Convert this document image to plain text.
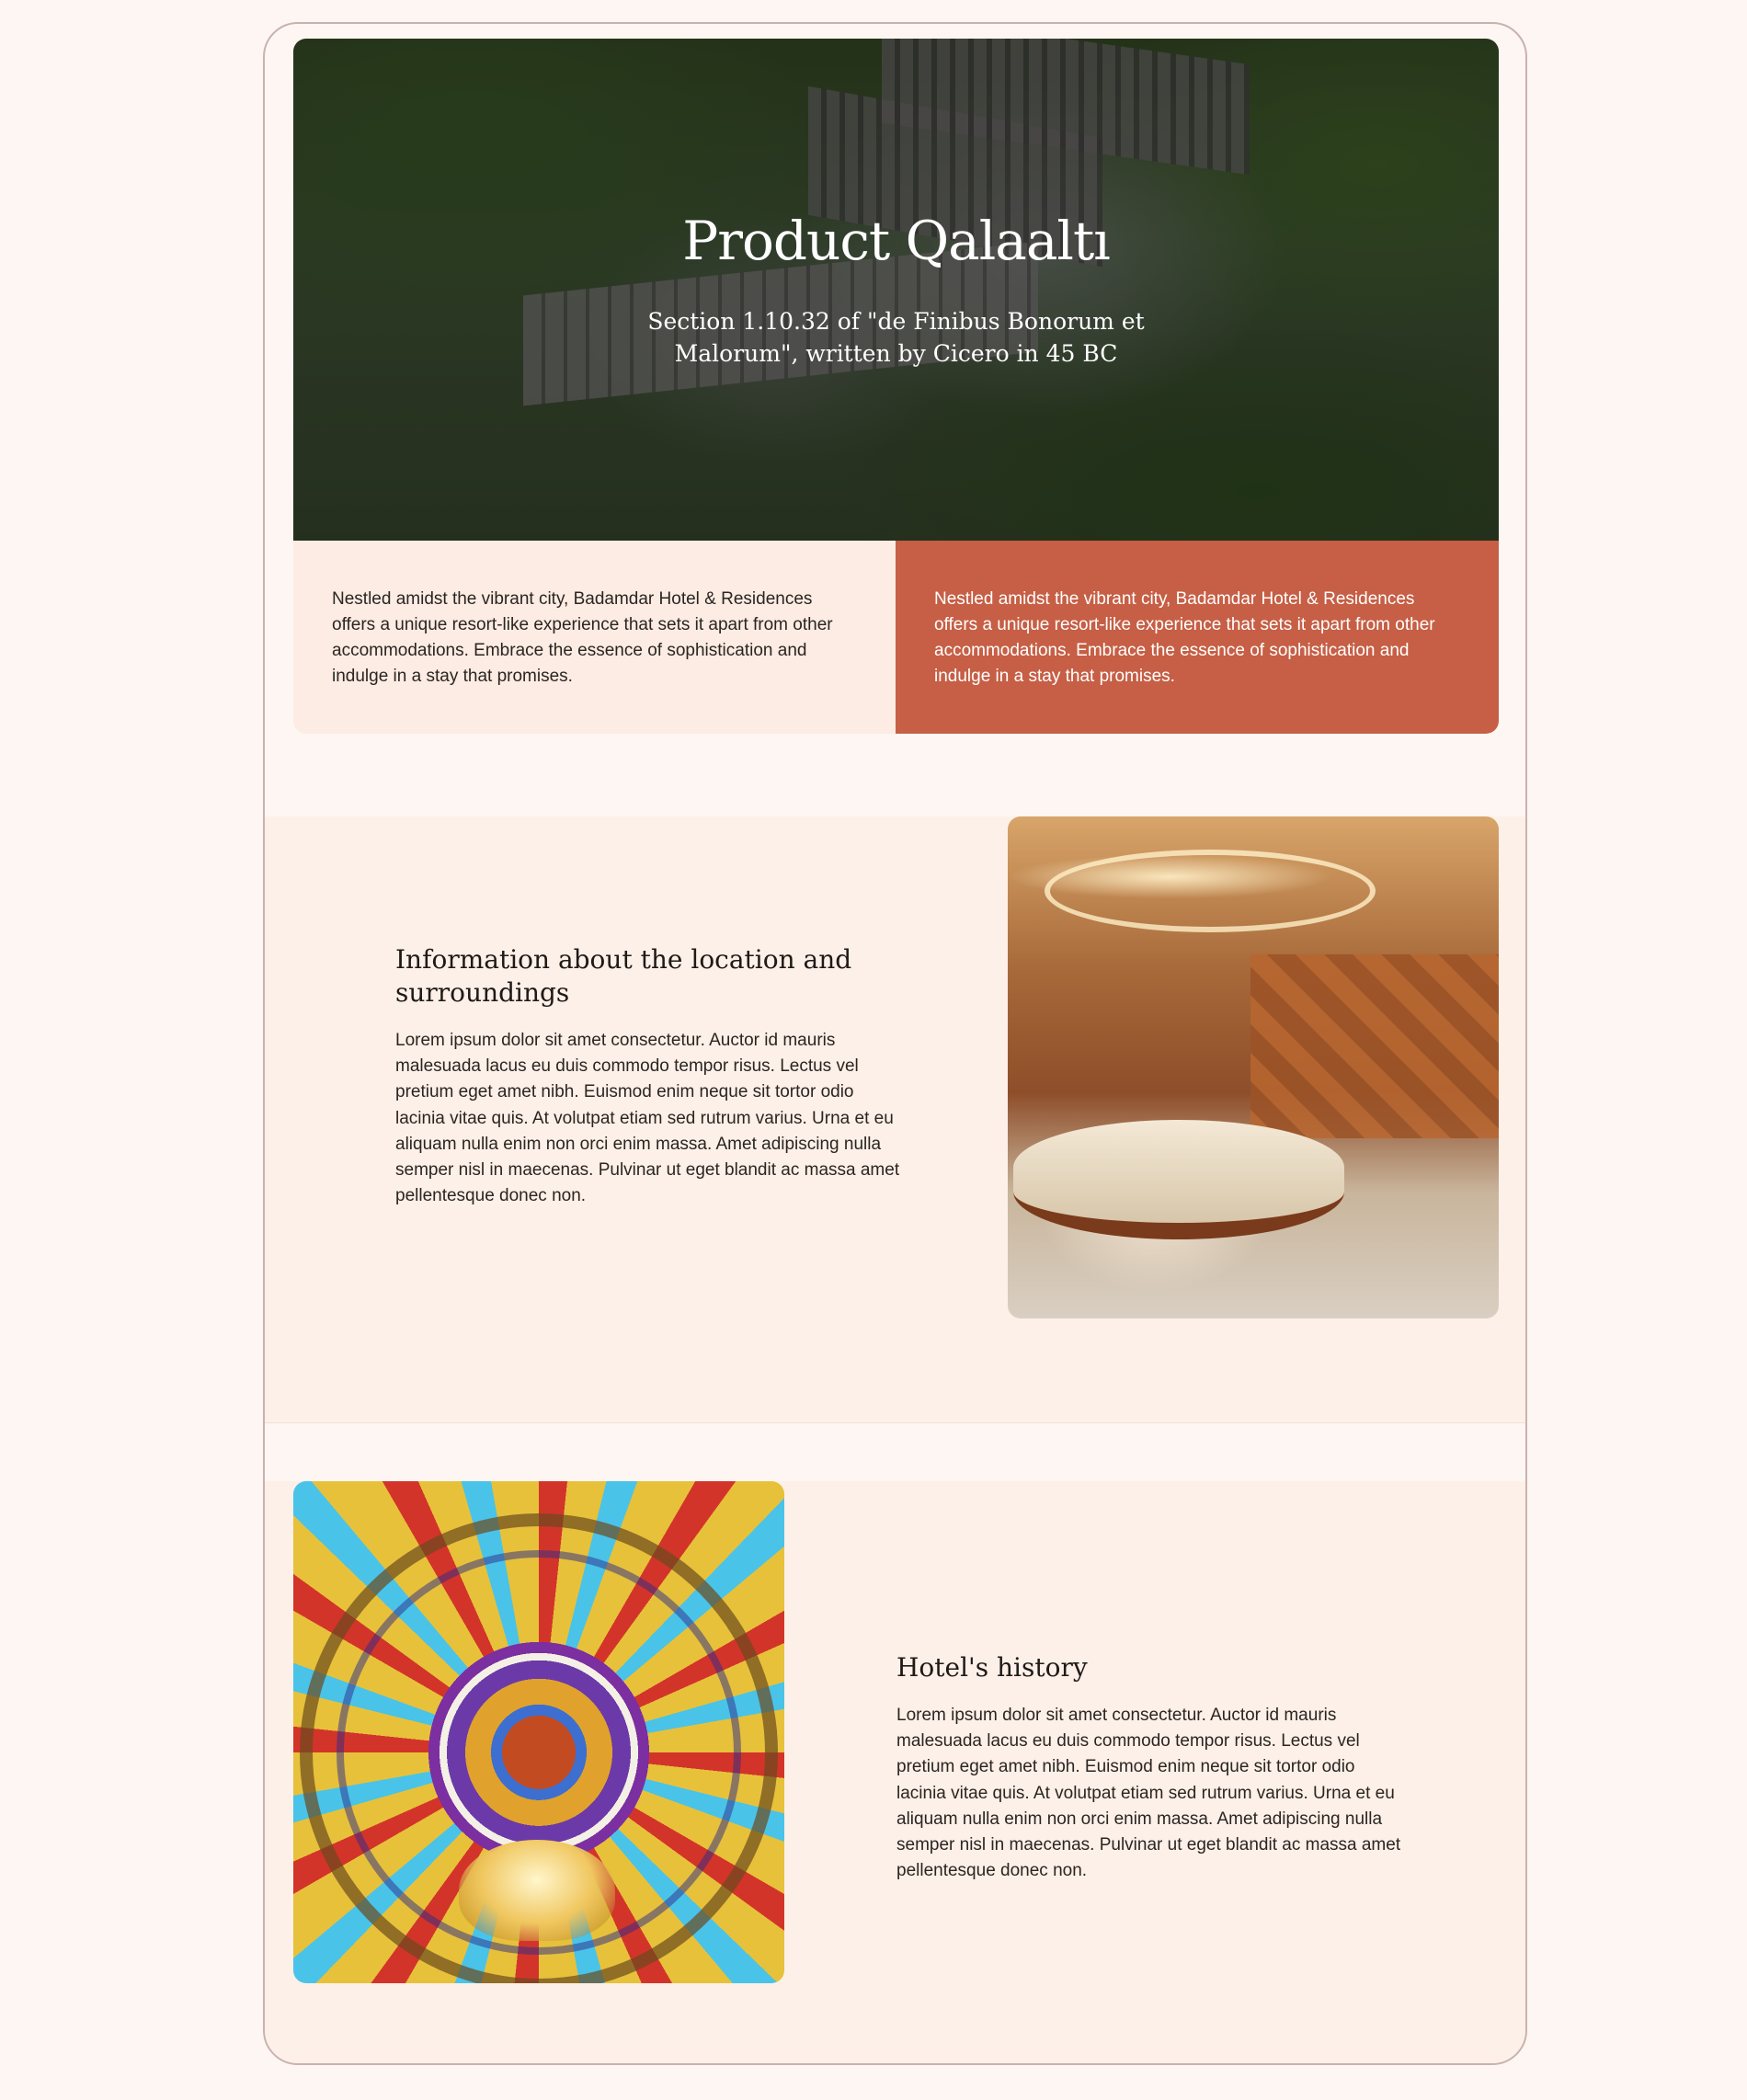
Product Qalaaltı

Section 1.10.32 of "de Finibus Bonorum et Malorum", written by Cicero in 45 BC

Nestled amidst the vibrant city, Badamdar Hotel & Residences offers a unique resort-like experience that sets it apart from other accommodations. Embrace the essence of sophistication and indulge in a stay that promises.

Nestled amidst the vibrant city, Badamdar Hotel & Residences offers a unique resort-like experience that sets it apart from other accommodations. Embrace the essence of sophistication and indulge in a stay that promises.

Information about the location and surroundings

Lorem ipsum dolor sit amet consectetur. Auctor id mauris malesuada lacus eu duis commodo tempor risus. Lectus vel pretium eget amet nibh. Euismod enim neque sit tortor odio lacinia vitae quis. At volutpat etiam sed rutrum varius. Urna et eu aliquam nulla enim non orci enim massa. Amet adipiscing nulla semper nisl in maecenas. Pulvinar ut eget blandit ac massa amet pellentesque donec non.

Hotel's history

Lorem ipsum dolor sit amet consectetur. Auctor id mauris malesuada lacus eu duis commodo tempor risus. Lectus vel pretium eget amet nibh. Euismod enim neque sit tortor odio lacinia vitae quis. At volutpat etiam sed rutrum varius. Urna et eu aliquam nulla enim non orci enim massa. Amet adipiscing nulla semper nisl in maecenas. Pulvinar ut eget blandit ac massa amet pellentesque donec non.
